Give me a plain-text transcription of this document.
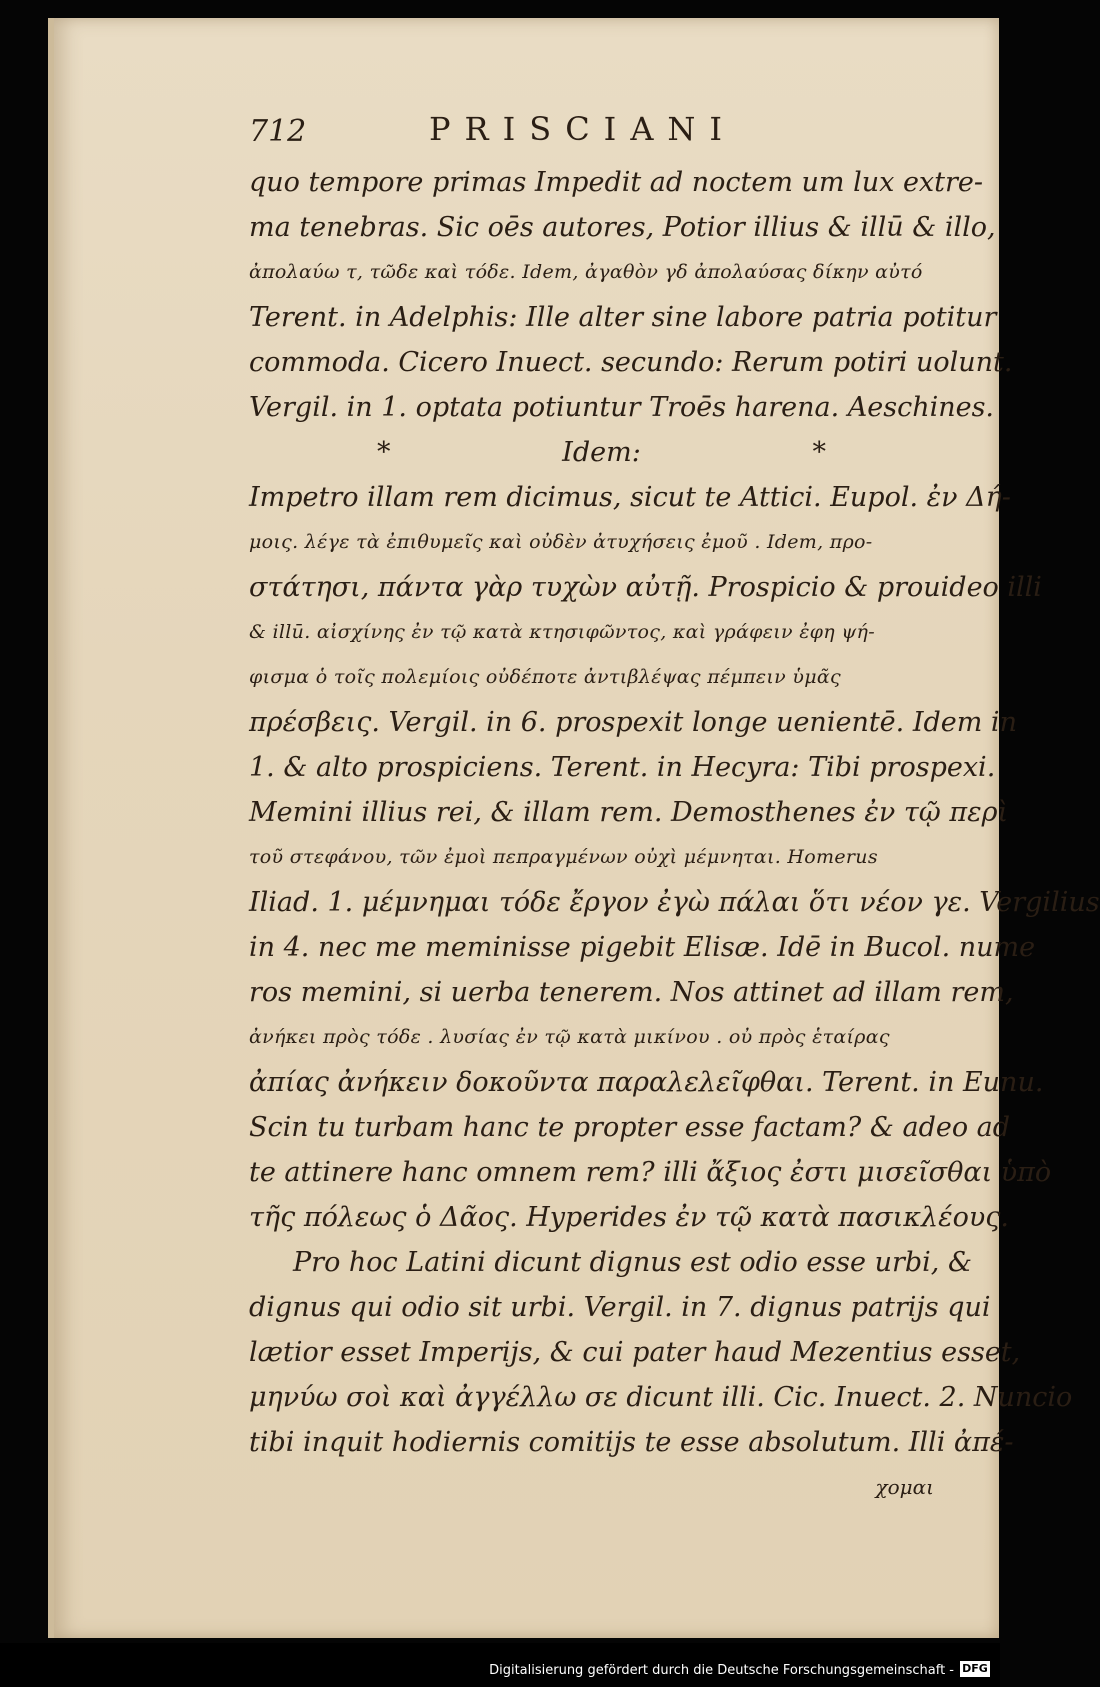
712	PRISCIANI
quo tempore primas Impedit ad noctem um lux extre-
ma tenebras. Sic oēs autores, Potior illius & illū & illo,
ἀπολαύω τ, τῶδε καὶ τόδε. Idem, ἀγαθὸν γδ ἀπολαύσας δίκην αὐτό
Terent. in Adelphis: Ille alter sine labore patria potitur
commoda. Cicero Inuect. secundo: Rerum potiri uolunt.
Vergil. in 1. optata potiuntur Troēs harena. Aeschines.
*                    Idem:                    *
Impetro illam rem dicimus, sicut te Attici. Eupol. ἐν Δή-
μοις. λέγε τὰ ἐπιθυμεῖς καὶ οὐδὲν ἀτυχήσεις ἐμοῦ . Idem, προ-
στάτησι, πάντα γὰρ τυχὼν αὐτῇ. Prospicio & prouideo illi
& illū. αἰσχίνης ἐν τῷ κατὰ κτησιφῶντος, καὶ γράφειν ἐφη ψή-
φισμα ὁ τοῖς πολεμίοις οὐδέποτε ἀντιβλέψας πέμπειν ὑμᾶς
πρέσβεις. Vergil. in 6. prospexit longe uenientē. Idem in
1. & alto prospiciens. Terent. in Hecyra: Tibi prospexi.
Memini illius rei, & illam rem. Demosthenes ἐν τῷ περὶ
τοῦ στεφάνου, τῶν ἐμοὶ πεπραγμένων οὐχὶ μέμνηται. Homerus
Iliad. 1. μέμνημαι τόδε ἔργον ἐγὼ πάλαι ὅτι νέον γε. Vergilius
in 4. nec me meminisse pigebit Elisæ. Idē in Bucol. nume
ros memini, si uerba tenerem. Nos attinet ad illam rem,
ἀνήκει πρὸς τόδε . λυσίας ἐν τῷ κατὰ μικίνου . οὐ πρὸς ἑταίρας
ἀπίας ἀνήκειν δοκοῦντα παραλελεῖφθαι. Terent. in Eunu.
Scin tu turbam hanc te propter esse factam? & adeo ad
te attinere hanc omnem rem? illi ἄξιος ἐστι μισεῖσθαι ὑπὸ
τῆς πόλεως ὁ Δᾶος. Hyperides ἐν τῷ κατὰ πασικλέους.
Pro hoc Latini dicunt dignus est odio esse urbi, &
dignus qui odio sit urbi. Vergil. in 7. dignus patrijs qui
lætior esset Imperijs, & cui pater haud Mezentius esset,
μηνύω σοὶ καὶ ἀγγέλλω σε dicunt illi. Cic. Inuect. 2. Nuncio
tibi inquit hodiernis comitijs te esse absolutum. Illi ἀπέ-
χομαι
Digitalisierung gefördert durch die Deutsche Forschungsgemeinschaft - DFG
